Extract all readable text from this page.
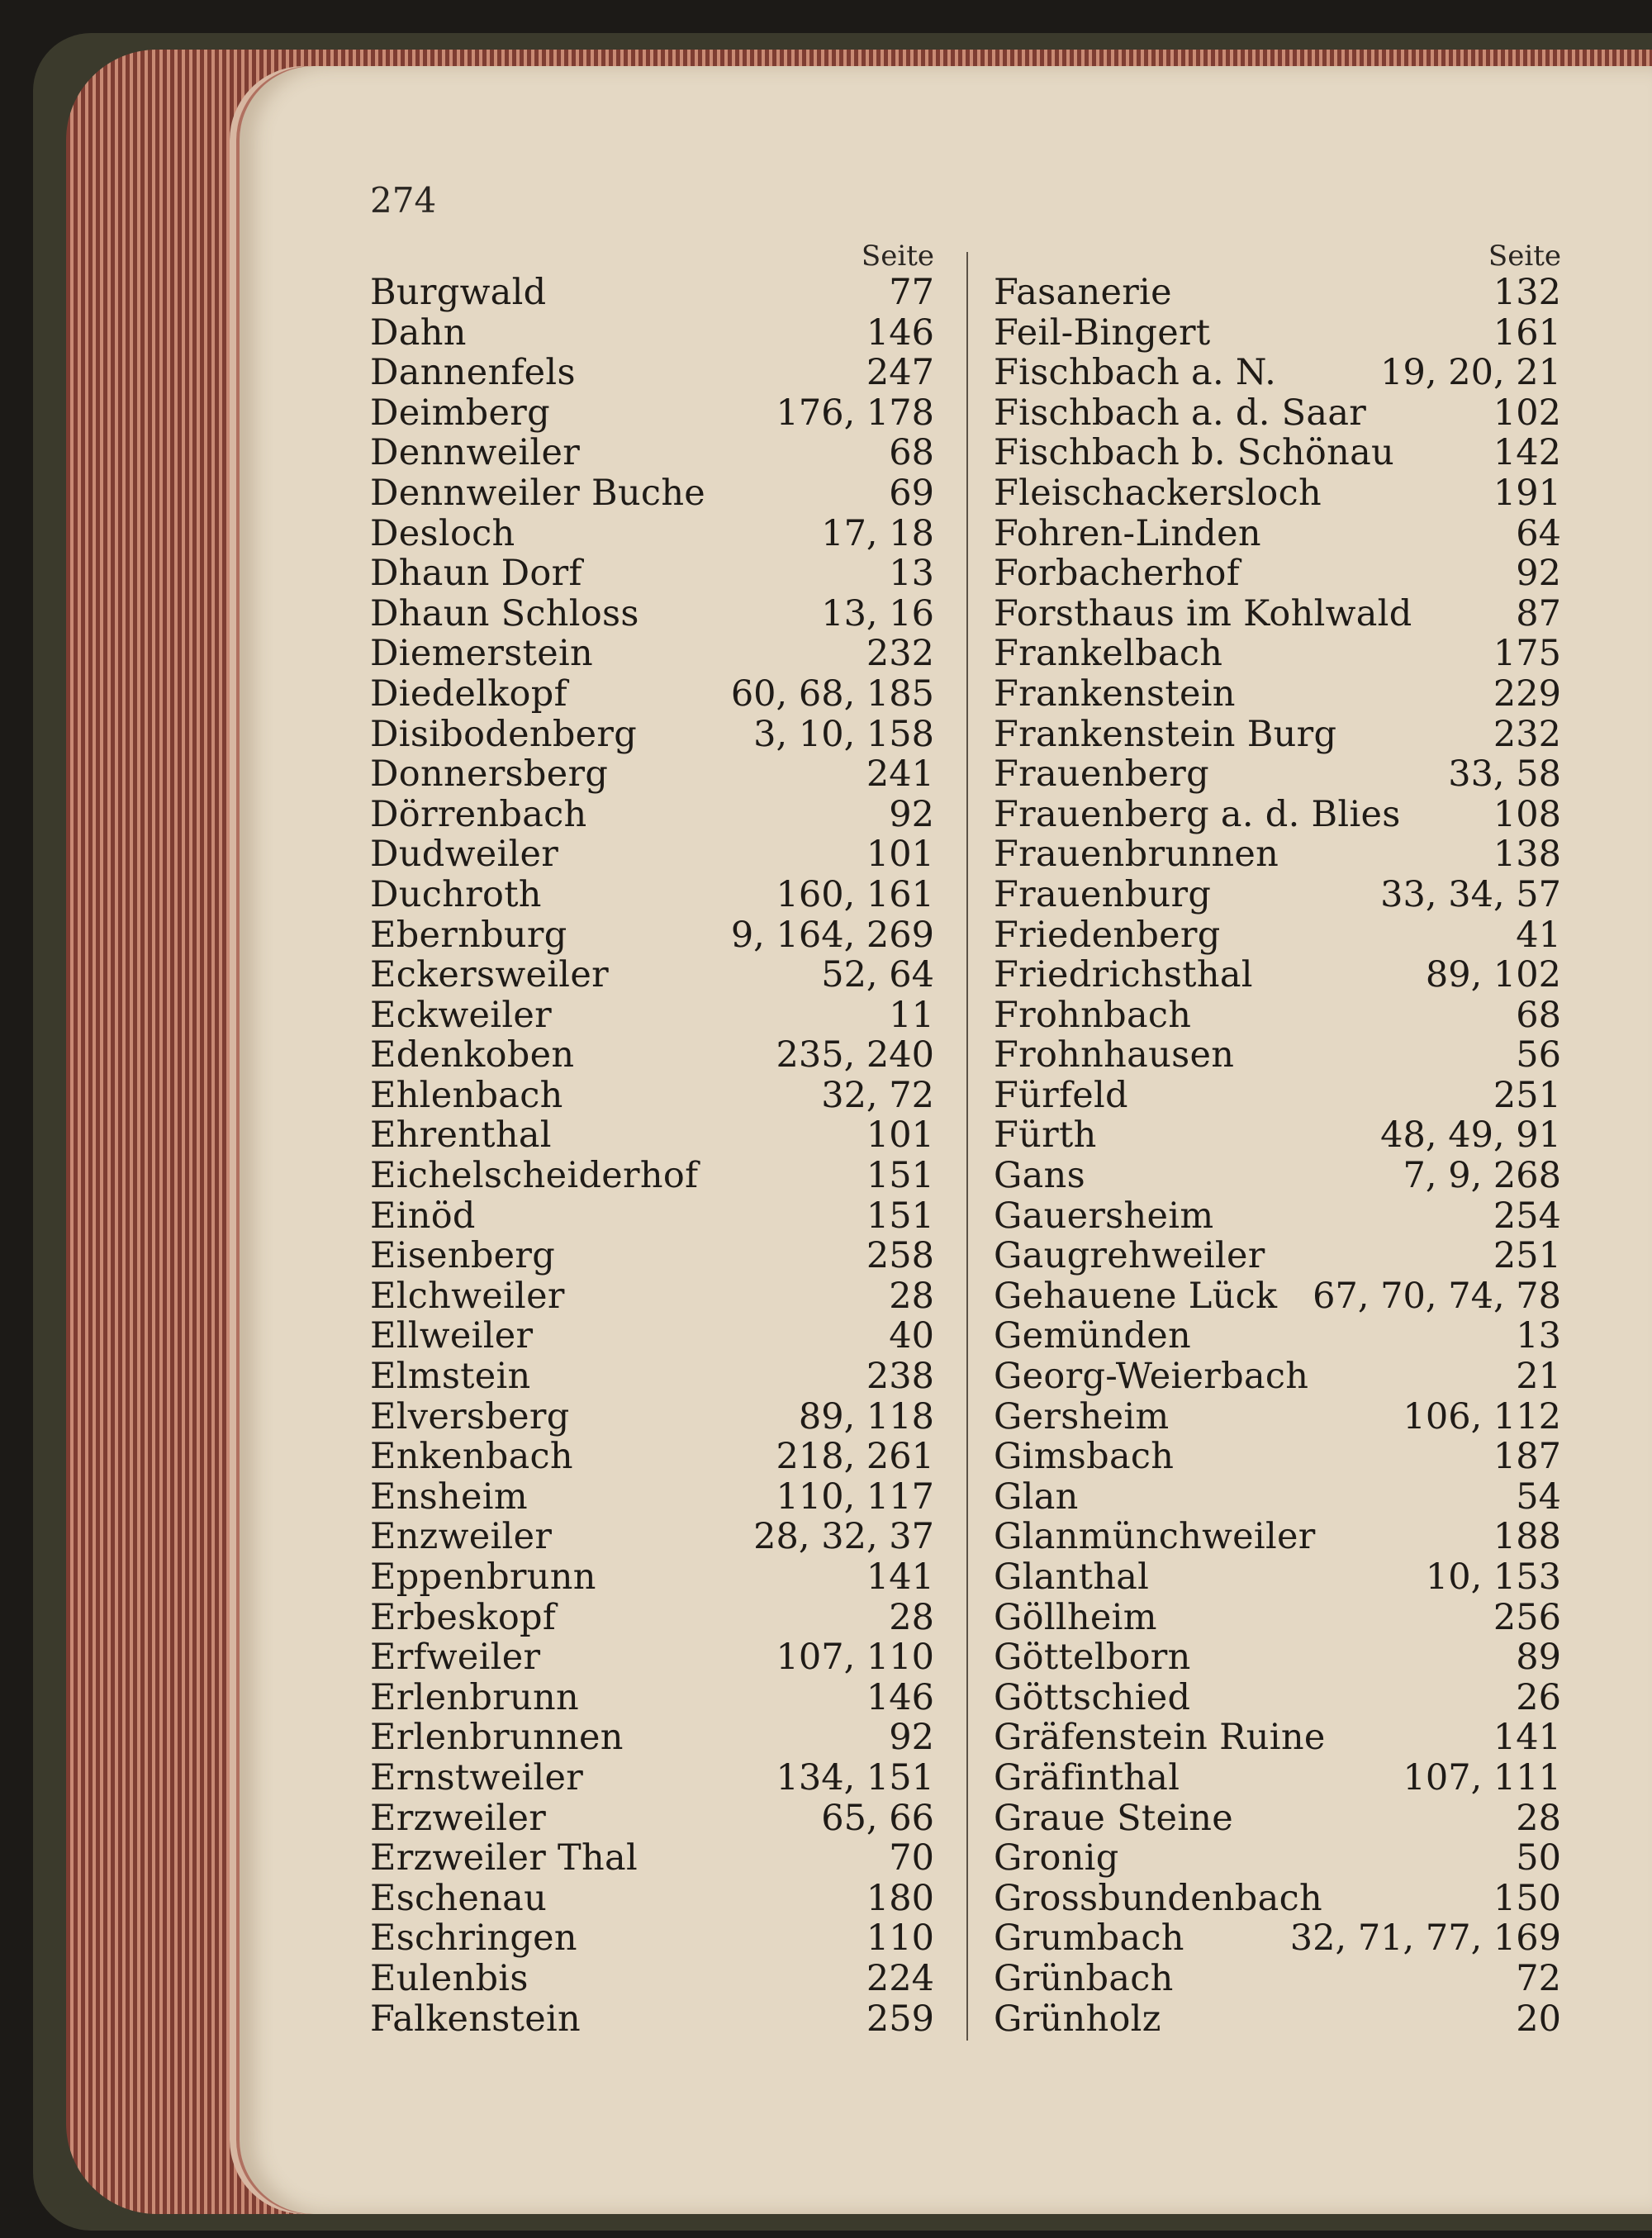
274

Seite
Burgwald	77
Dahn	146
Dannenfels	247
Deimberg	176, 178
Dennweiler	68
Dennweiler Buche	69
Desloch	17, 18
Dhaun Dorf	13
Dhaun Schloss	13, 16
Diemerstein	232
Diedelkopf	60, 68, 185
Disibodenberg	3, 10, 158
Donnersberg	241
Dörrenbach	92
Dudweiler	101
Duchroth	160, 161
Ebernburg	9, 164, 269
Eckersweiler	52, 64
Eckweiler	11
Edenkoben	235, 240
Ehlenbach	32, 72
Ehrenthal	101
Eichelscheiderhof	151
Einöd	151
Eisenberg	258
Elchweiler	28
Ellweiler	40
Elmstein	238
Elversberg	89, 118
Enkenbach	218, 261
Ensheim	110, 117
Enzweiler	28, 32, 37
Eppenbrunn	141
Erbeskopf	28
Erfweiler	107, 110
Erlenbrunn	146
Erlenbrunnen	92
Ernstweiler	134, 151
Erzweiler	65, 66
Erzweiler Thal	70
Eschenau	180
Eschringen	110
Eulenbis	224
Falkenstein	259
Seite
Fasanerie	132
Feil-Bingert	161
Fischbach a. N.	19, 20, 21
Fischbach a. d. Saar	102
Fischbach b. Schönau	142
Fleischackersloch	191
Fohren-Linden	64
Forbacherhof	92
Forsthaus im Kohlwald	87
Frankelbach	175
Frankenstein	229
Frankenstein Burg	232
Frauenberg	33, 58
Frauenberg a. d. Blies	108
Frauenbrunnen	138
Frauenburg	33, 34, 57
Friedenberg	41
Friedrichsthal	89, 102
Frohnbach	68
Frohnhausen	56
Fürfeld	251
Fürth	48, 49, 91
Gans	7, 9, 268
Gauersheim	254
Gaugrehweiler	251
Gehauene Lück 67, 70, 74, 78
Gemünden	13
Georg-Weierbach	21
Gersheim	106, 112
Gimsbach	187
Glan	54
Glanmünchweiler	188
Glanthal	10, 153
Göllheim	256
Göttelborn	89
Göttschied	26
Gräfenstein Ruine	141
Gräfinthal	107, 111
Graue Steine	28
Gronig	50
Grossbundenbach	150
Grumbach	32, 71, 77, 169
Grünbach	72
Grünholz	20
